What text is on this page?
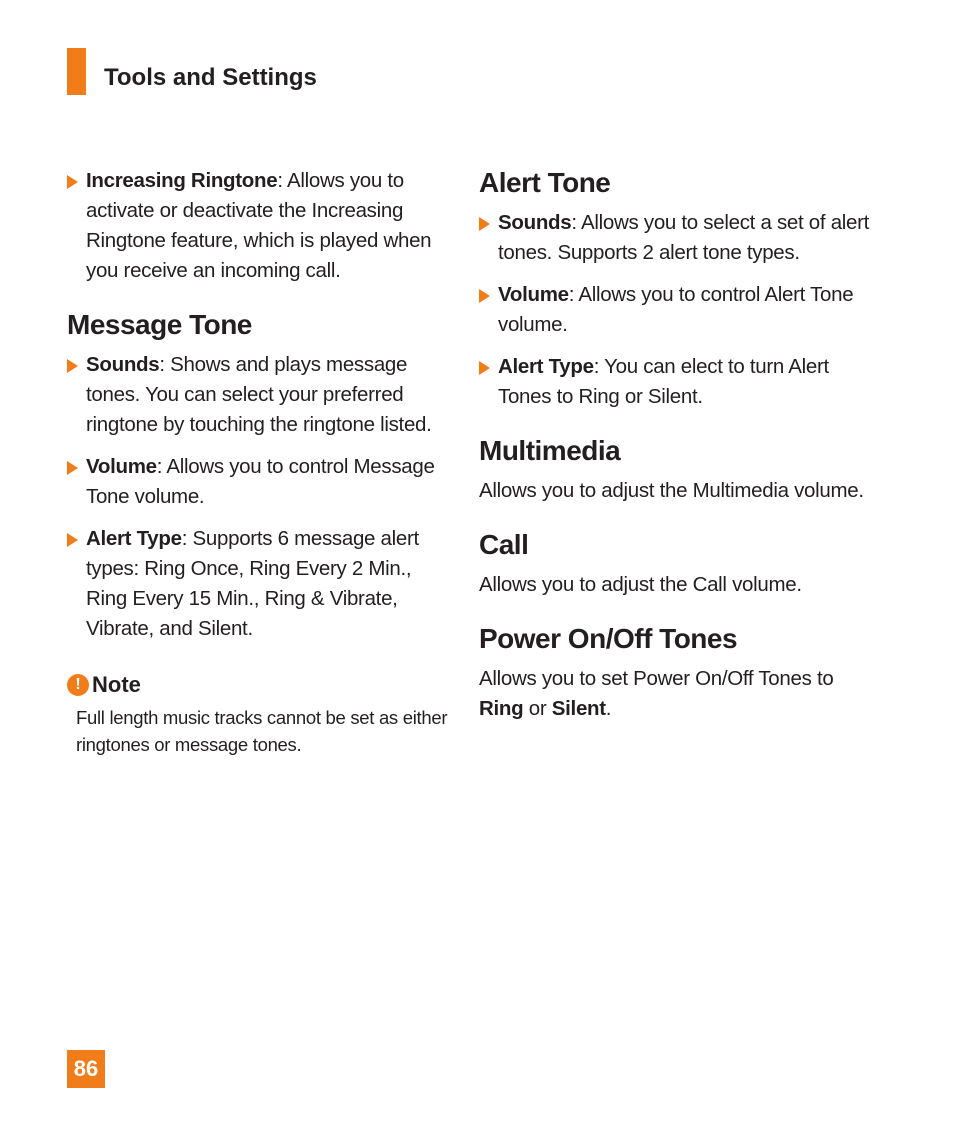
Tools and Settings
Increasing Ringtone: Allows you to activate or deactivate the Increasing Ringtone feature, which is played when you receive an incoming call.
Message Tone
Sounds: Shows and plays message tones. You can select your preferred ringtone by touching the ringtone listed.
Volume: Allows you to control Message Tone volume.
Alert Type: Supports 6 message alert types: Ring Once, Ring Every 2 Min., Ring Every 15 Min., Ring & Vibrate, Vibrate, and Silent.
! Note
Full length music tracks cannot be set as either ringtones or message tones.
Alert Tone
Sounds: Allows you to select a set of alert tones. Supports 2 alert tone types.
Volume: Allows you to control Alert Tone volume.
Alert Type: You can elect to turn Alert Tones to Ring or Silent.
Multimedia
Allows you to adjust the Multimedia volume.
Call
Allows you to adjust the Call volume.
Power On/Off Tones
Allows you to set Power On/Off Tones to Ring or Silent.
86
